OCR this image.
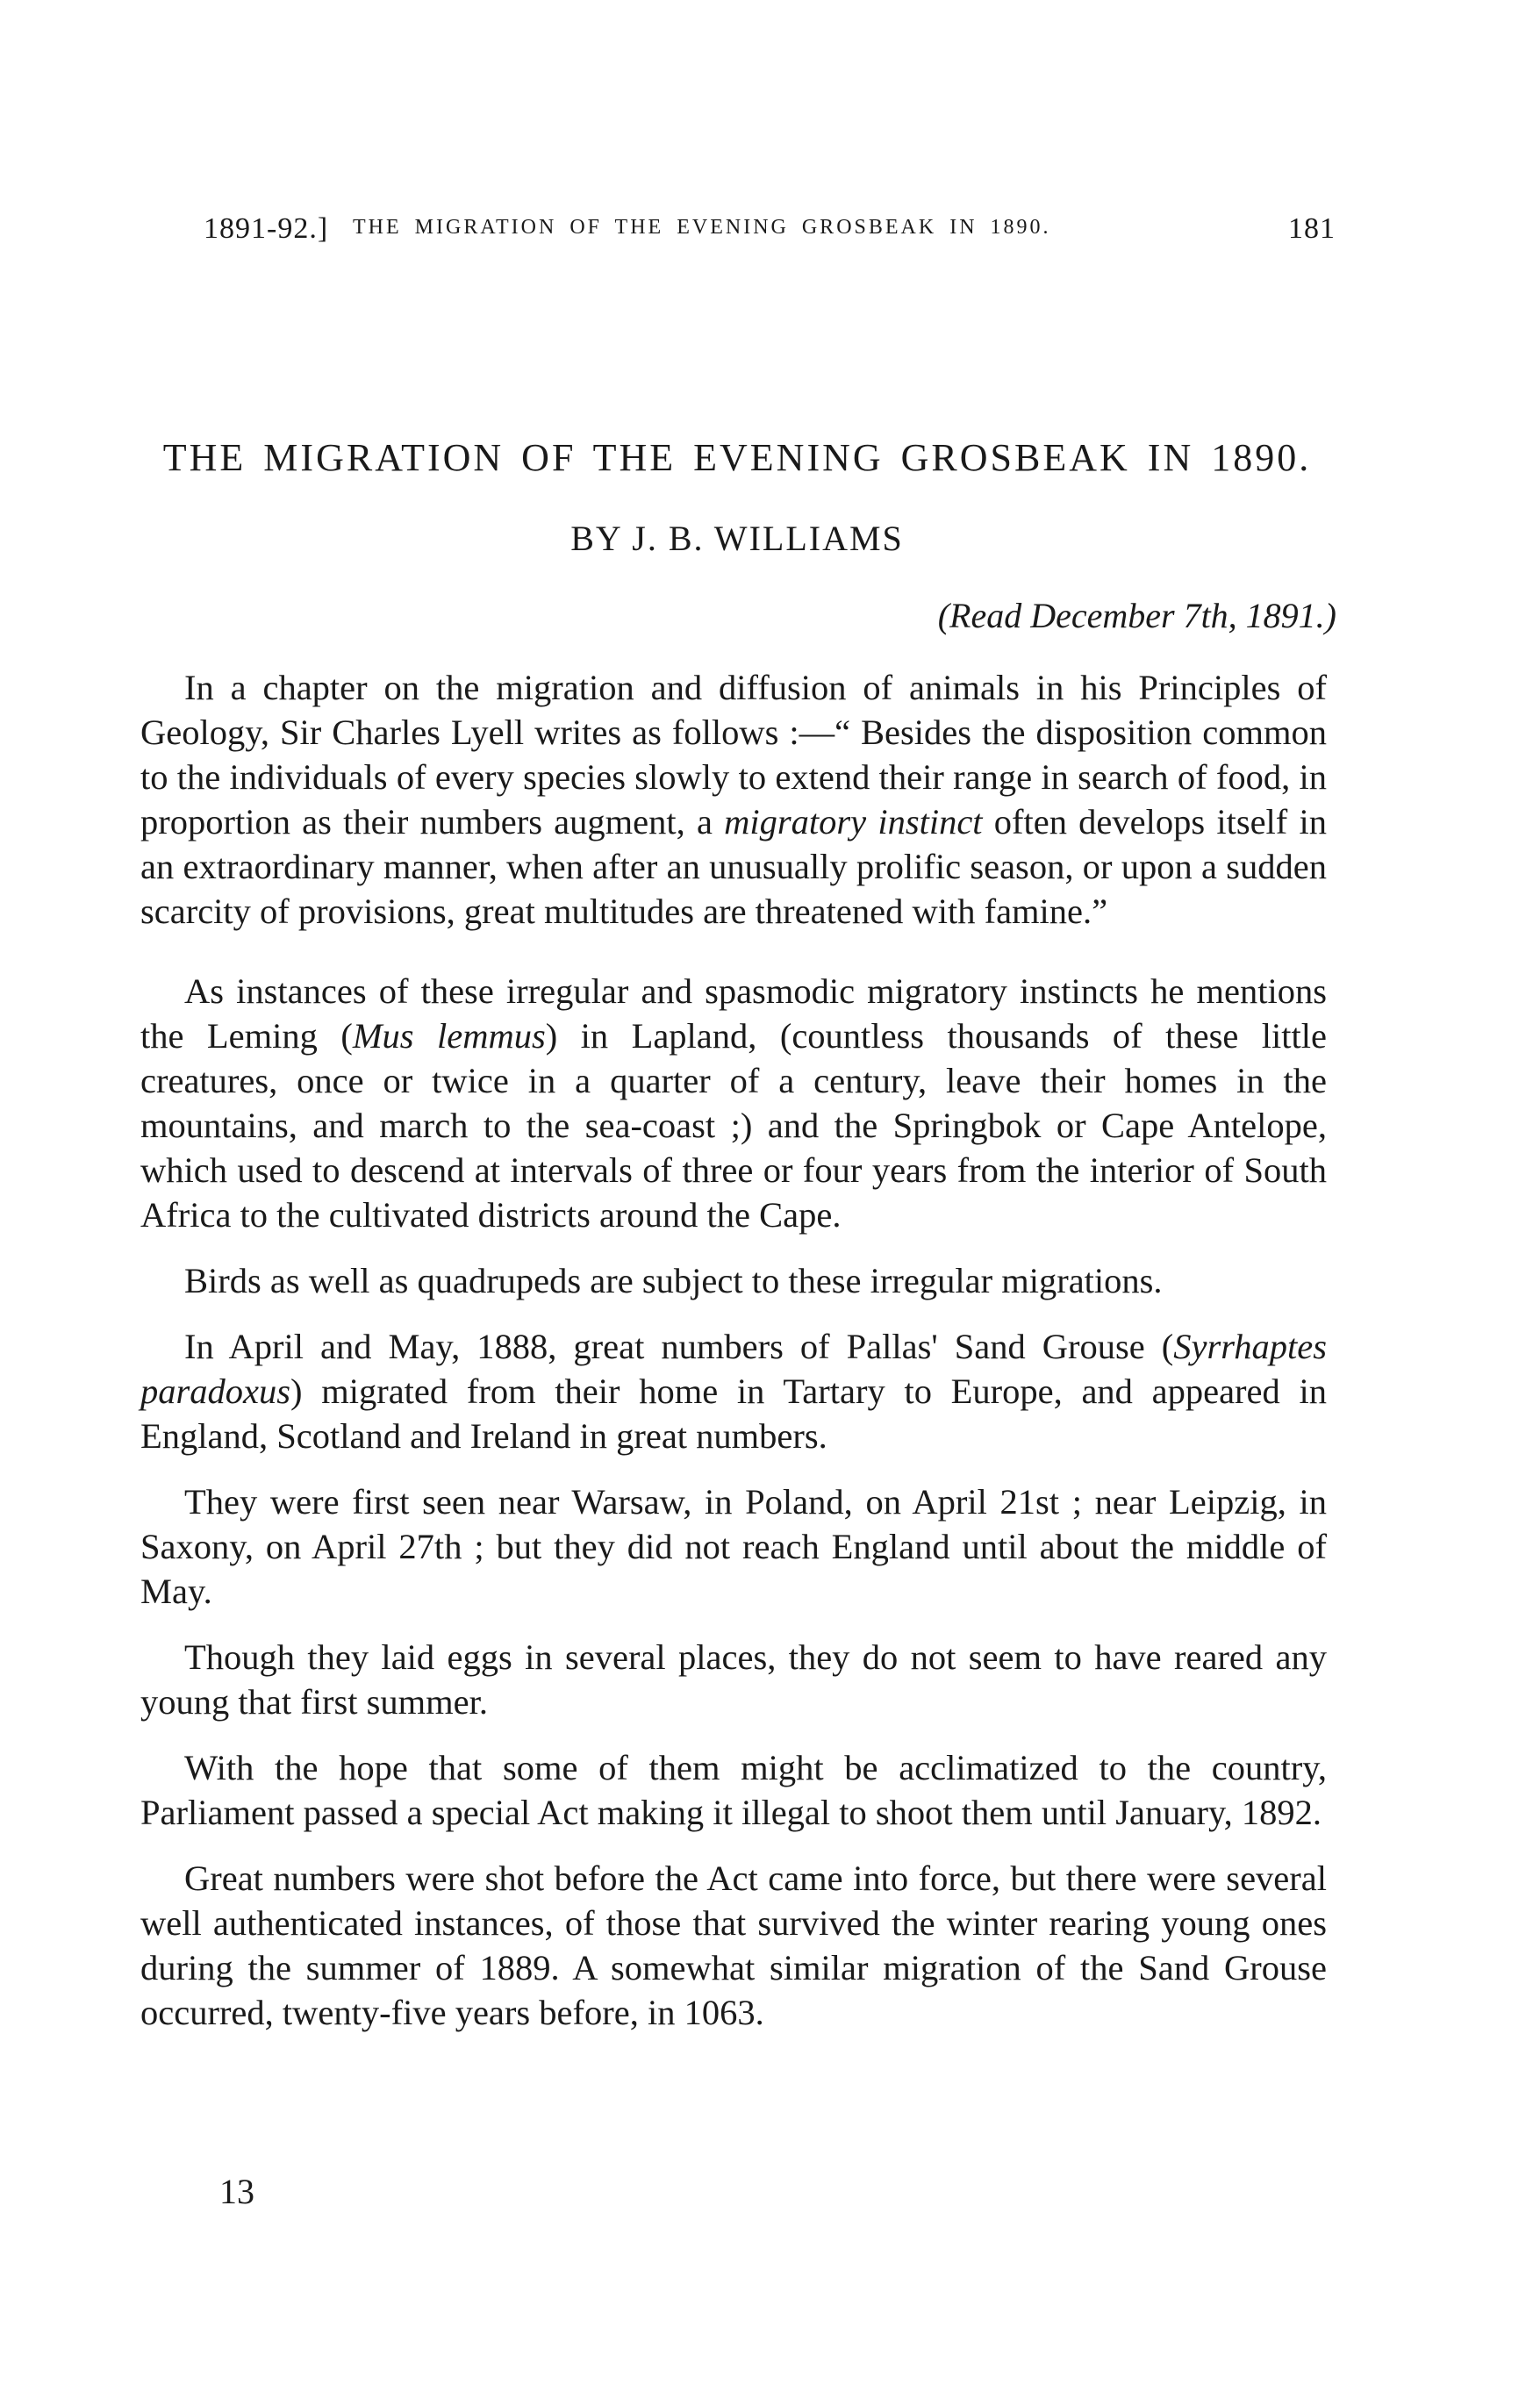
1891-92.] THE MIGRATION OF THE EVENING GROSBEAK IN 1890.	181
THE MIGRATION OF THE EVENING GROSBEAK IN 1890.
BY J. B. WILLIAMS
(Read December 7th, 1891.)

In a chapter on the migration and diffusion of animals in his Principles of Geology, Sir Charles Lyell writes as follows :—“ Besides the disposition common to the individuals of every species slowly to extend their range in search of food, in proportion as their numbers augment, a migratory instinct often develops itself in an extraordinary manner, when after an unusually prolific season, or upon a sudden scarcity of provisions, great multitudes are threatened with famine.”

As instances of these irregular and spasmodic migratory instincts he mentions the Leming (Mus lemmus) in Lapland, (countless thousands of these little creatures, once or twice in a quarter of a century, leave their homes in the mountains, and march to the sea-coast ;) and the Springbok or Cape Antelope, which used to descend at intervals of three or four years from the interior of South Africa to the cultivated districts around the Cape.

Birds as well as quadrupeds are subject to these irregular migrations.

In April and May, 1888, great numbers of Pallas' Sand Grouse (Syrrhaptes paradoxus) migrated from their home in Tartary to Europe, and appeared in England, Scotland and Ireland in great numbers.

They were first seen near Warsaw, in Poland, on April 21st ; near Leipzig, in Saxony, on April 27th ; but they did not reach England until about the middle of May.

Though they laid eggs in several places, they do not seem to have reared any young that first summer.

With the hope that some of them might be acclimatized to the country, Parliament passed a special Act making it illegal to shoot them until January, 1892.

Great numbers were shot before the Act came into force, but there were several well authenticated instances, of those that survived the winter rearing young ones during the summer of 1889. A somewhat similar migration of the Sand Grouse occurred, twenty-five years before, in 1063.

13
